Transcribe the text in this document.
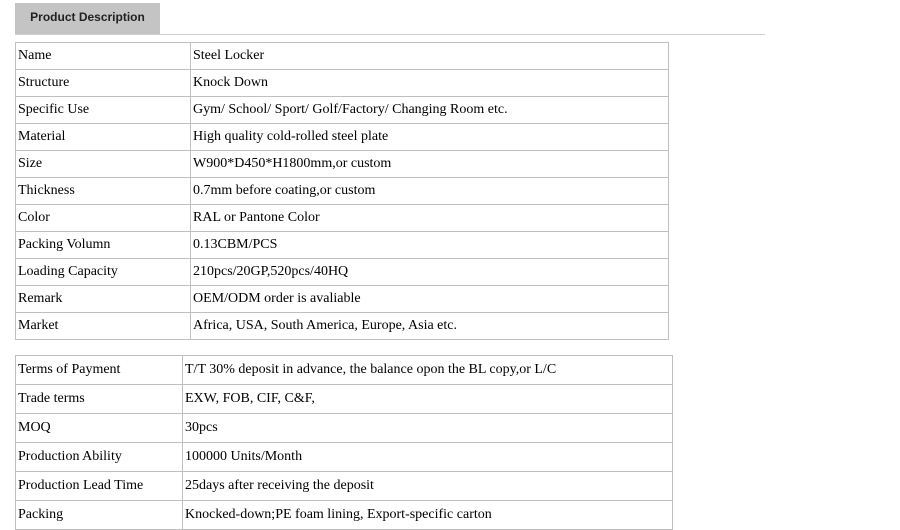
Product Description
Name	Steel Locker
Structure	Knock Down
Specific Use	Gym/ School/ Sport/ Golf/Factory/ Changing Room etc.
Material	High quality cold-rolled steel plate
Size	W900*D450*H1800mm,or custom
Thickness	0.7mm before coating,or custom
Color	RAL or Pantone Color
Packing Volumn	0.13CBM/PCS
Loading Capacity	210pcs/20GP,520pcs/40HQ
Remark	OEM/ODM order is avaliable
Market	Africa, USA, South America, Europe, Asia etc.
Terms of Payment	T/T 30% deposit in advance, the balance opon the BL copy,or L/C
Trade terms	EXW, FOB, CIF, C&F,
MOQ	30pcs
Production Ability	100000 Units/Month
Production Lead Time	25days after receiving the deposit
Packing	Knocked-down;PE foam lining, Export-specific carton
